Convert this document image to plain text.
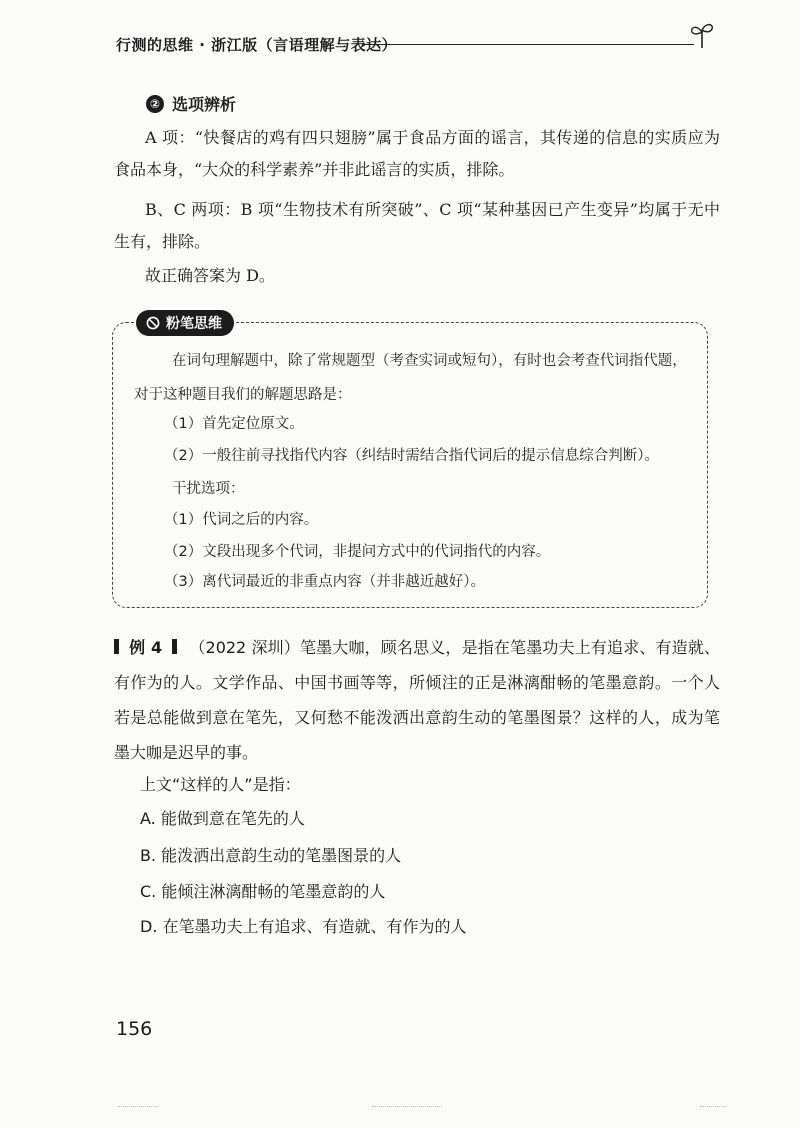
行测的思维 · 浙江版（言语理解与表达）
② 选项辨析

A 项：“快餐店的鸡有四只翅膀”属于食品方面的谣言，其传递的信息的实质应为食品本身，“大众的科学素养”并非此谣言的实质，排除。

B、C 两项：B 项“生物技术有所突破”、C 项“某种基因已产生变异”均属于无中生有，排除。

故正确答案为 D。

粉笔思维
在词句理解题中，除了常规题型（考查实词或短句），有时也会考查代词指代题，
对于这种题目我们的解题思路是：
（1）首先定位原文。
（2）一般往前寻找指代内容（纠结时需结合指代词后的提示信息综合判断）。
干扰选项：
（1）代词之后的内容。
（2）文段出现多个代词，非提问方式中的代词指代的内容。
（3）离代词最近的非重点内容（并非越近越好）。

例 4 （2022 深圳）笔墨大咖，顾名思义，是指在笔墨功夫上有追求、有造就、有作为的人。文学作品、中国书画等等，所倾注的正是淋漓酣畅的笔墨意韵。一个人若是总能做到意在笔先，又何愁不能泼洒出意韵生动的笔墨图景？这样的人，成为笔墨大咖是迟早的事。

上文“这样的人”是指：
A. 能做到意在笔先的人
B. 能泼洒出意韵生动的笔墨图景的人
C. 能倾注淋漓酣畅的笔墨意韵的人
D. 在笔墨功夫上有追求、有造就、有作为的人
156
